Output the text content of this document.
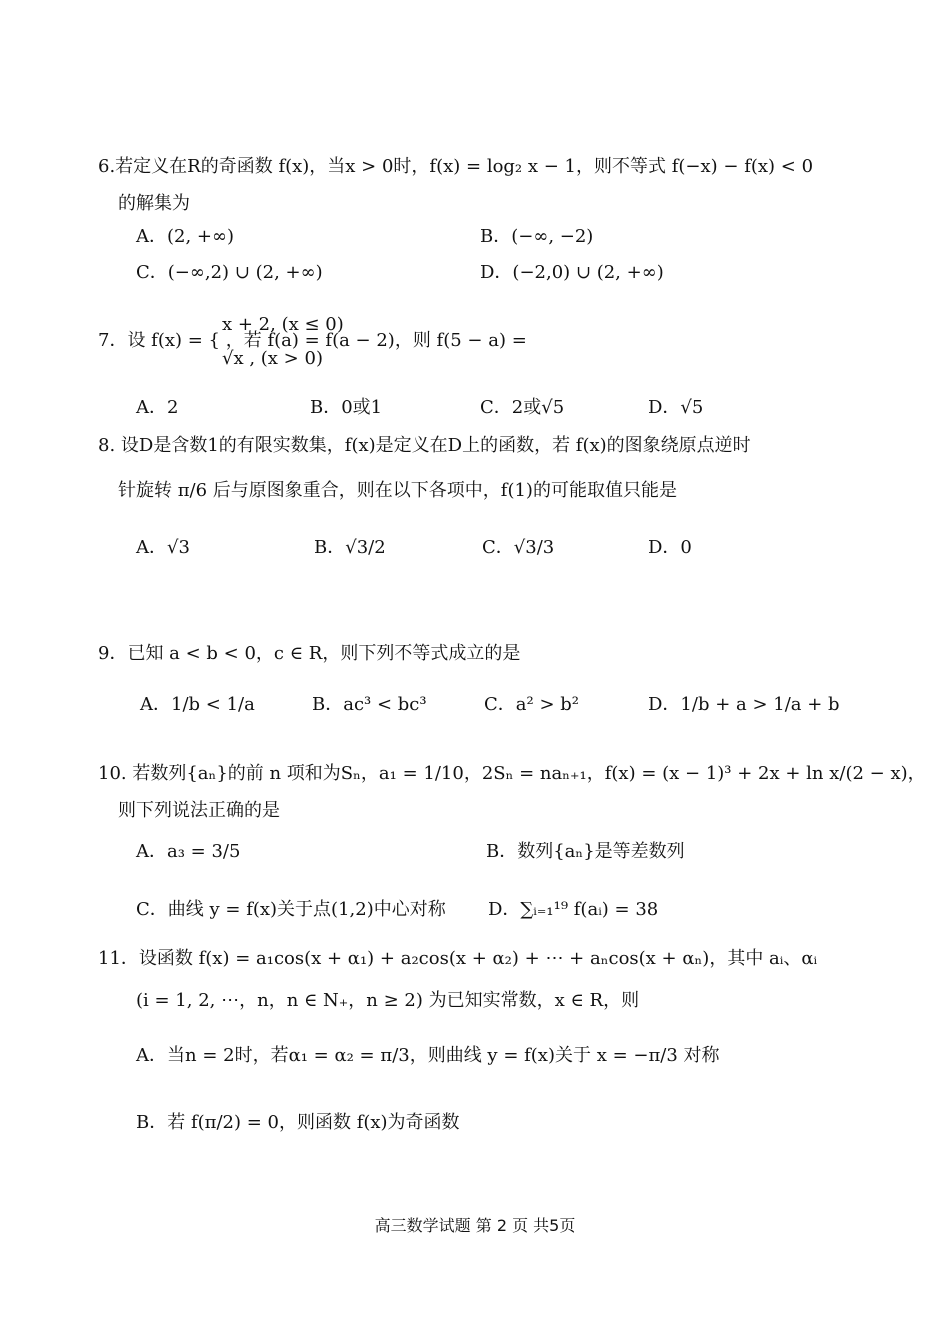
6.若定义在R的奇函数 f(x)，当x > 0时，f(x) = log₂ x − 1，则不等式 f(−x) − f(x) < 0
的解集为
A．(2, +∞)	B．(−∞, −2)
C．(−∞,2) ∪ (2, +∞)	D．(−2,0) ∪ (2, +∞)
x + 2, (x ≤ 0)
7．设 f(x) = { ，若 f(a) = f(a − 2)，则 f(5 − a) =
√x , (x > 0)
A．2	B．0或1	C．2或√5	D．√5
8. 设D是含数1的有限实数集，f(x)是定义在D上的函数，若 f(x)的图象绕原点逆时
针旋转 π/6 后与原图象重合，则在以下各项中，f(1)的可能取值只能是
A．√3	B．√3/2	C．√3/3	D．0
9．已知 a < b < 0，c ∈ R，则下列不等式成立的是
A．1/b < 1/a	B．ac³ < bc³	C．a² > b²	D．1/b + a > 1/a + b
10. 若数列{aₙ}的前 n 项和为Sₙ，a₁ = 1/10，2Sₙ = naₙ₊₁，f(x) = (x − 1)³ + 2x + ln x/(2 − x)，
则下列说法正确的是
A．a₃ = 3/5	B．数列{aₙ}是等差数列
C．曲线 y = f(x)关于点(1,2)中心对称 D．∑ᵢ₌₁¹⁹ f(aᵢ) = 38
11．设函数 f(x) = a₁cos(x + α₁) + a₂cos(x + α₂) + ⋯ + aₙcos(x + αₙ)，其中 aᵢ、αᵢ
(i = 1, 2, ⋯，n，n ∈ N₊，n ≥ 2) 为已知实常数，x ∈ R，则
A．当n = 2时，若α₁ = α₂ = π/3，则曲线 y = f(x)关于 x = −π/3 对称
B．若 f(π/2) = 0，则函数 f(x)为奇函数
高三数学试题 第 2 页 共5页
